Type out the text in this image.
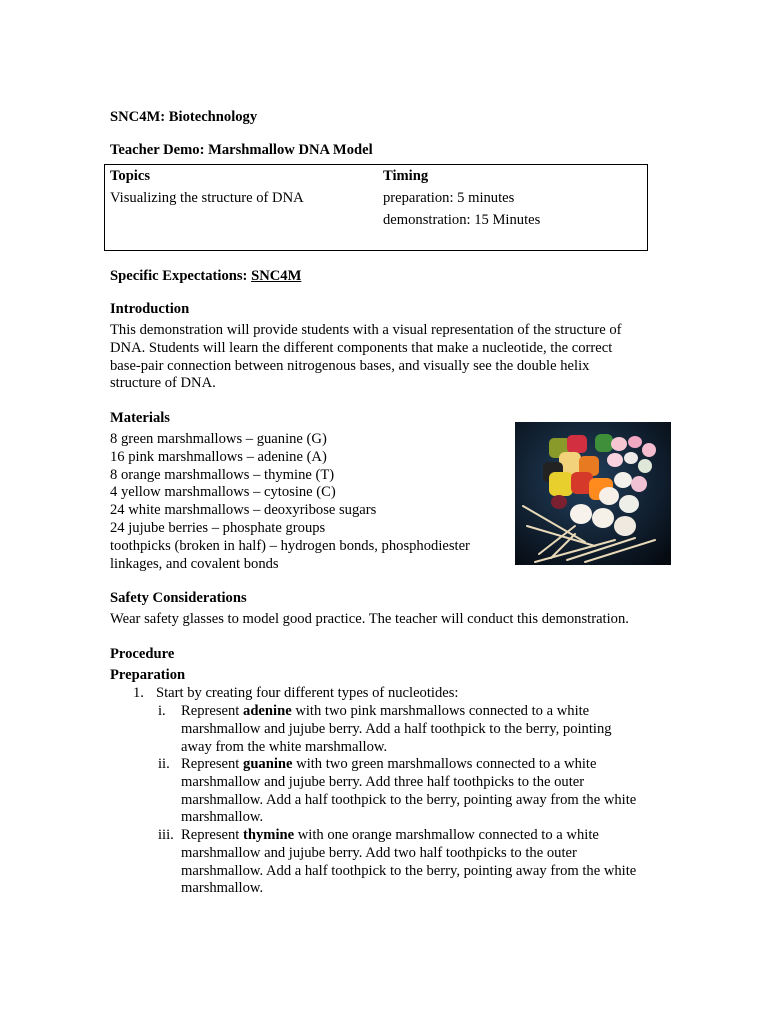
SNC4M: Biotechnology
Teacher Demo: Marshmallow DNA Model
Topics
Visualizing the structure of DNA
Timing
preparation: 5 minutes
demonstration: 15 Minutes
Specific Expectations: SNC4M
Introduction
This demonstration will provide students with a visual representation of the structure of
DNA. Students will learn the different components that make a nucleotide, the correct
base-pair connection between nitrogenous bases, and visually see the double helix
structure of DNA.
Materials
8 green marshmallows – guanine (G)
16 pink marshmallows – adenine (A)
8 orange marshmallows – thymine (T)
4 yellow marshmallows – cytosine (C)
24 white marshmallows – deoxyribose sugars
24 jujube berries – phosphate groups
toothpicks (broken in half) – hydrogen bonds, phosphodiester
linkages, and covalent bonds
Safety Considerations
Wear safety glasses to model good practice. The teacher will conduct this demonstration.
Procedure
Preparation
1. Start by creating four different types of nucleotides:
i. Represent adenine with two pink marshmallows connected to a white
marshmallow and jujube berry. Add a half toothpick to the berry, pointing
away from the white marshmallow.
ii. Represent guanine with two green marshmallows connected to a white
marshmallow and jujube berry. Add three half toothpicks to the outer
marshmallow. Add a half toothpick to the berry, pointing away from the white
marshmallow.
iii. Represent thymine with one orange marshmallow connected to a white
marshmallow and jujube berry. Add two half toothpicks to the outer
marshmallow. Add a half toothpick to the berry, pointing away from the white
marshmallow.
